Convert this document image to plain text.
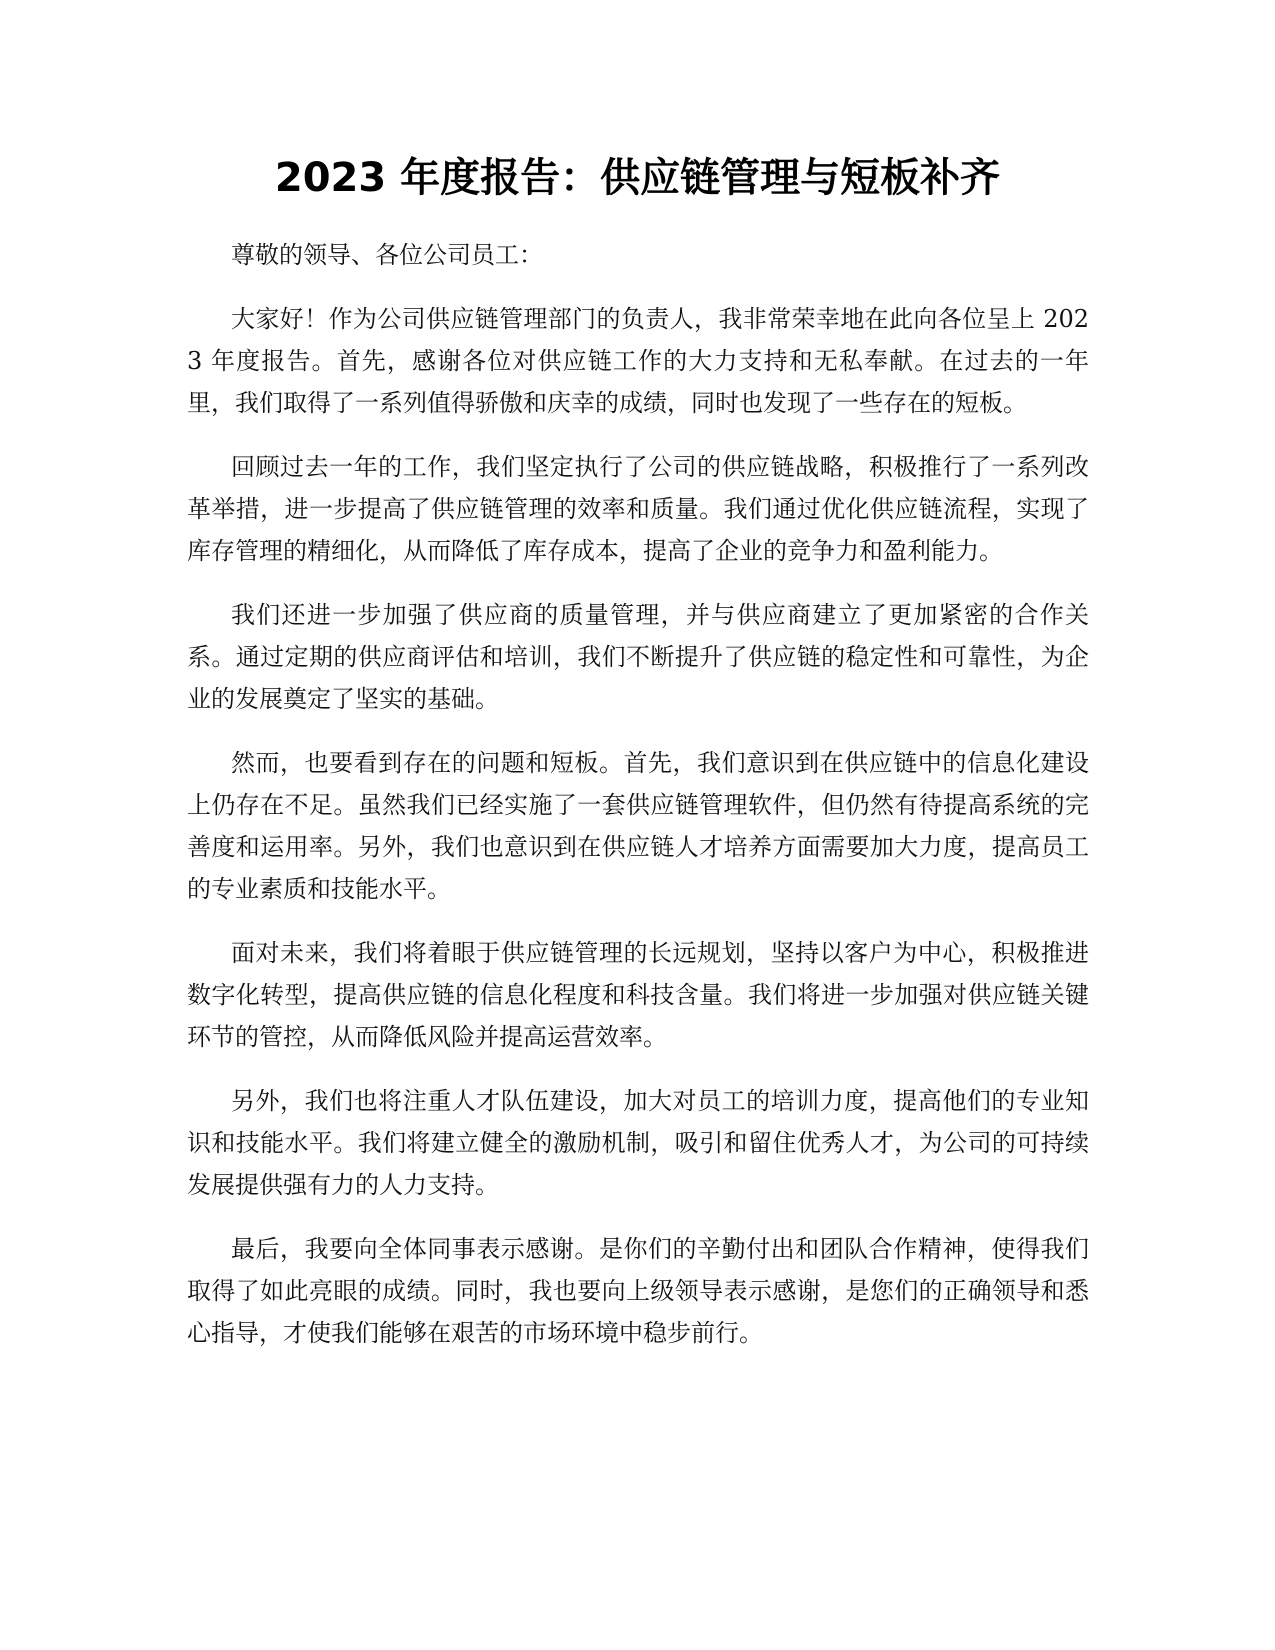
2023 年度报告：供应链管理与短板补齐

尊敬的领导、各位公司员工：

大家好！作为公司供应链管理部门的负责人，我非常荣幸地在此向各位呈上 2023 年度报告。首先，感谢各位对供应链工作的大力支持和无私奉献。在过去的一年里，我们取得了一系列值得骄傲和庆幸的成绩，同时也发现了一些存在的短板。

回顾过去一年的工作，我们坚定执行了公司的供应链战略，积极推行了一系列改革举措，进一步提高了供应链管理的效率和质量。我们通过优化供应链流程，实现了库存管理的精细化，从而降低了库存成本，提高了企业的竞争力和盈利能力。

我们还进一步加强了供应商的质量管理，并与供应商建立了更加紧密的合作关系。通过定期的供应商评估和培训，我们不断提升了供应链的稳定性和可靠性，为企业的发展奠定了坚实的基础。

然而，也要看到存在的问题和短板。首先，我们意识到在供应链中的信息化建设上仍存在不足。虽然我们已经实施了一套供应链管理软件，但仍然有待提高系统的完善度和运用率。另外，我们也意识到在供应链人才培养方面需要加大力度，提高员工的专业素质和技能水平。

面对未来，我们将着眼于供应链管理的长远规划，坚持以客户为中心，积极推进数字化转型，提高供应链的信息化程度和科技含量。我们将进一步加强对供应链关键环节的管控，从而降低风险并提高运营效率。

另外，我们也将注重人才队伍建设，加大对员工的培训力度，提高他们的专业知识和技能水平。我们将建立健全的激励机制，吸引和留住优秀人才，为公司的可持续发展提供强有力的人力支持。

最后，我要向全体同事表示感谢。是你们的辛勤付出和团队合作精神，使得我们取得了如此亮眼的成绩。同时，我也要向上级领导表示感谢，是您们的正确领导和悉心指导，才使我们能够在艰苦的市场环境中稳步前行。
